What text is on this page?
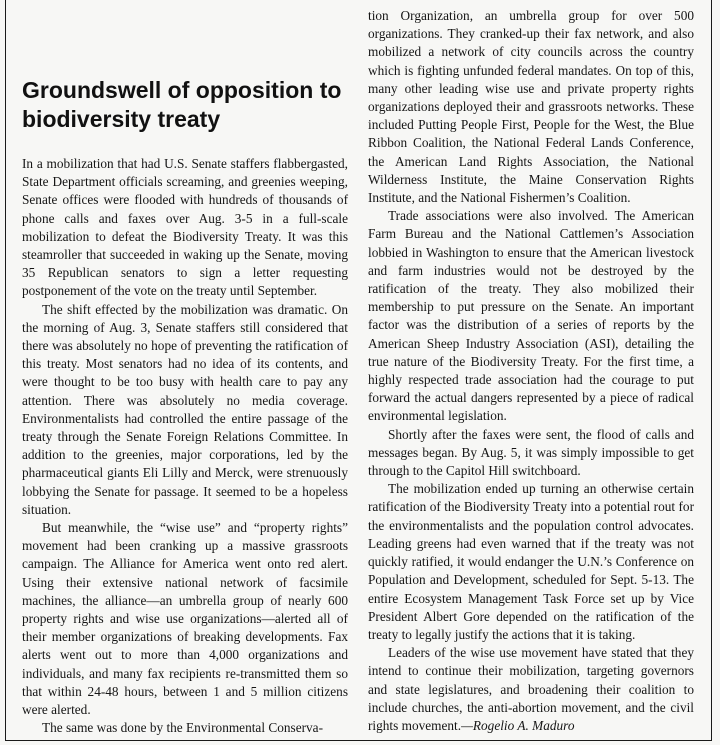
Groundswell of opposition to biodiversity treaty

In a mobilization that had U.S. Senate staffers flabbergasted, State Department officials screaming, and greenies weeping, Senate offices were flooded with hundreds of thousands of phone calls and faxes over Aug. 3-5 in a full-scale mobilization to defeat the Biodiversity Treaty. It was this steamroller that succeeded in waking up the Senate, moving 35 Republican senators to sign a letter requesting postponement of the vote on the treaty until September.

The shift effected by the mobilization was dramatic. On the morning of Aug. 3, Senate staffers still considered that there was absolutely no hope of preventing the ratification of this treaty. Most senators had no idea of its contents, and were thought to be too busy with health care to pay any attention. There was absolutely no media coverage. Environmentalists had controlled the entire passage of the treaty through the Senate Foreign Relations Committee. In addition to the greenies, major corporations, led by the pharmaceutical giants Eli Lilly and Merck, were strenuously lobbying the Senate for passage. It seemed to be a hopeless situation.

But meanwhile, the “wise use” and “property rights” movement had been cranking up a massive grassroots campaign. The Alliance for America went onto red alert. Using their extensive national network of facsimile machines, the alliance—an umbrella group of nearly 600 property rights and wise use organizations—alerted all of their member organizations of breaking developments. Fax alerts went out to more than 4,000 organizations and individuals, and many fax recipients re-transmitted them so that within 24-48 hours, between 1 and 5 million citizens were alerted.

The same was done by the Environmental Conserva-

tion Organization, an umbrella group for over 500 organizations. They cranked-up their fax network, and also mobilized a network of city councils across the country which is fighting unfunded federal mandates. On top of this, many other leading wise use and private property rights organizations deployed their and grassroots networks. These included Putting People First, People for the West, the Blue Ribbon Coalition, the National Federal Lands Conference, the American Land Rights Association, the National Wilderness Institute, the Maine Conservation Rights Institute, and the National Fishermen’s Coalition.

Trade associations were also involved. The American Farm Bureau and the National Cattlemen’s Association lobbied in Washington to ensure that the American livestock and farm industries would not be destroyed by the ratification of the treaty. They also mobilized their membership to put pressure on the Senate. An important factor was the distribution of a series of reports by the American Sheep Industry Association (ASI), detailing the true nature of the Biodiversity Treaty. For the first time, a highly respected trade association had the courage to put forward the actual dangers represented by a piece of radical environmental legislation.

Shortly after the faxes were sent, the flood of calls and messages began. By Aug. 5, it was simply impossible to get through to the Capitol Hill switchboard.

The mobilization ended up turning an otherwise certain ratification of the Biodiversity Treaty into a potential rout for the environmentalists and the population control advocates. Leading greens had even warned that if the treaty was not quickly ratified, it would endanger the U.N.’s Conference on Population and Development, scheduled for Sept. 5-13. The entire Ecosystem Management Task Force set up by Vice President Albert Gore depended on the ratification of the treaty to legally justify the actions that it is taking.

Leaders of the wise use movement have stated that they intend to continue their mobilization, targeting governors and state legislatures, and broadening their coalition to include churches, the anti-abortion movement, and the civil rights movement.—Rogelio A. Maduro
